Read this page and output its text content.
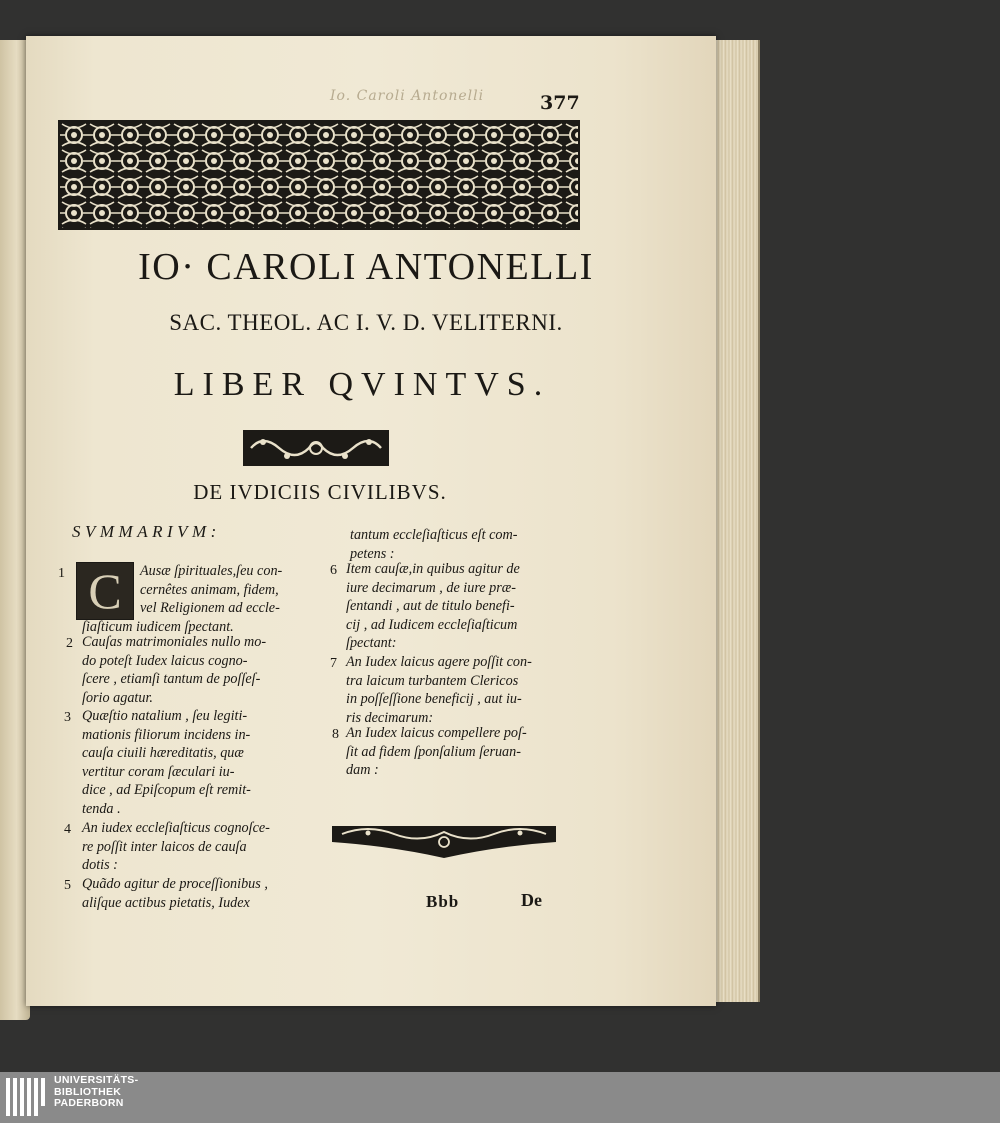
Io. Caroli Antonelli	377
IO· CAROLI ANTONELLI
SAC. THEOL. AC I. V. D. VELITERNI.
LIBER QVINTVS.
DE IVDICIIS CIVILIBVS.
SVMMARIVM:
C
1	Ausæ ſpirituales,ſeu con-
cernêtes animam, fidem,
vel Religionem ad eccle-
ſiaſticum iudicem ſpectant.
2 Cauſas matrimoniales nullo mo-
do poteſt Iudex laicus cogno-
ſcere , etiamſi tantum de poſſeſ-
ſorio agatur.
3 Quæſtio natalium , ſeu legiti-
mationis filiorum incidens in-
cauſa ciuili hæreditatis, quæ
vertitur coram ſæculari iu-
dice , ad Epiſcopum eſt remit-
tenda .
4 An iudex eccleſiaſticus cognoſce-
re poſſit inter laicos de cauſa
dotis :
5 Quãdo agitur de proceſſionibus ,
aliſque actibus pietatis, Iudex
tantum eccleſiaſticus eſt com-
petens :
6 Item cauſæ,in quibus agitur de
iure decimarum , de iure præ-
ſentandi , aut de titulo benefi-
cij , ad Iudicem eccleſiaſticum
ſpectant:
7 An Iudex laicus agere poſſit con-
tra laicum turbantem Clericos
in poſſeſſione beneficij , aut iu-
ris decimarum:
8 An Iudex laicus compellere poſ-
ſit ad fidem ſponſalium ſeruan-
dam :
Bbb	De
UNIVERSITÄTS-
BIBLIOTHEK
PADERBORN
